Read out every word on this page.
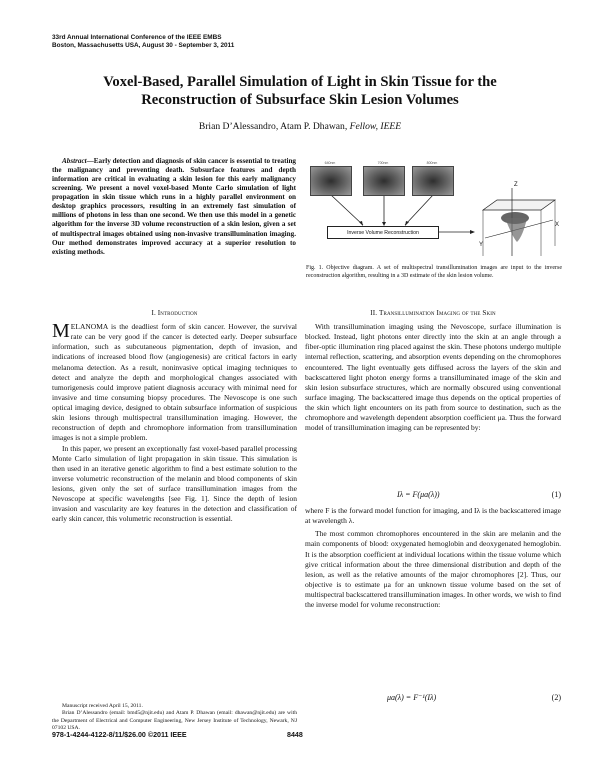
33rd Annual International Conference of the IEEE EMBS
Boston, Massachusetts USA, August 30 - September 3, 2011
Voxel-Based, Parallel Simulation of Light in Skin Tissue for the
Reconstruction of Subsurface Skin Lesion Volumes
Brian D’Alessandro, Atam P. Dhawan, Fellow, IEEE
Abstract—Early detection and diagnosis of skin cancer is essential to treating the malignancy and preventing death. Subsurface features and depth information are critical in evaluating a skin lesion for this early malignancy screening. We present a novel voxel-based Monte Carlo simulation of light propagation in skin tissue which runs in a highly parallel environment on desktop graphics processors, resulting in an extremely fast simulation of millions of photons in less than one second. We then use this model in a genetic algorithm for the inverse 3D volume reconstruction of a skin lesion, given a set of multispectral images obtained using non-invasive transillumination imaging. Our method demonstrates improved accuracy at a superior resolution to existing methods.
640nm	700nm	800nm
Inverse Volume Reconstruction
Z
X
Y
Fig. 1. Objective diagram. A set of multispectral transillumination images are input to the inverse reconstruction algorithm, resulting in a 3D estimate of the skin lesion volume.
I. Introduction	II. Transillumination Imaging of the Skin

MELANOMA is the deadliest form of skin cancer. However, the survival rate can be very good if the cancer is detected early. Deeper subsurface information, such as subcutaneous pigmentation, depth of invasion, and indications of increased blood flow (angiogenesis) are critical factors in early melanoma detection. As a result, noninvasive optical imaging techniques to detect and analyze the depth and morphological changes associated with tumorigenesis could improve patient diagnosis accuracy with minimal need for invasive and time consuming biopsy procedures. The Nevoscope is one such optical imaging device, designed to obtain subsurface information of suspicious skin lesions through multispectral transillumination imaging. However, the reconstruction of depth and chromophore information from transillumination images is not a simple problem.

In this paper, we present an exceptionally fast voxel-based parallel processing Monte Carlo simulation of light propagation in skin tissue. This simulation is then used in an iterative genetic algorithm to find a best estimate solution to the inverse volumetric reconstruction of the melanin and blood components of skin lesions, given only the set of surface transillumination images from the Nevoscope at specific wavelengths [see Fig. 1]. Since the depth of lesion invasion and vascularity are key features in the detection and classification of early skin cancer, this volumetric reconstruction is essential.

Manuscript received April 15, 2011.
Brian D’Alessandro (email: bmd5@njit.edu) and Atam P. Dhawan (email: dhawan@njit.edu) are with the Department of Electrical and Computer Engineering, New Jersey Institute of Technology, Newark, NJ 07102 USA.

With transillumination imaging using the Nevoscope, surface illumination is blocked. Instead, light photons enter directly into the skin at an angle through a fiber-optic illumination ring placed against the skin. These photons undergo multiple internal reflection, scattering, and absorption events depending on the chromophores encountered. The light eventually gets diffused across the layers of the skin and backscattered light photon energy forms a transilluminated image of the skin and skin lesion subsurface structures, which are normally obscured using conventional surface imaging. The backscattered image thus depends on the optical properties of the skin which light encounters on its path from source to destination, such as the chromophore and wavelength dependent absorption coefficient μa. Thus the forward model of transillumination imaging can be represented by:

Iλ = F(μa(λ))	(1)

where F is the forward model function for imaging, and Iλ is the backscattered image at wavelength λ.

The most common chromophores encountered in the skin are melanin and the main components of blood: oxygenated hemoglobin and deoxygenated hemoglobin. It is the absorption coefficient at individual locations within the tissue volume which give critical information about the three dimensional distribution and depth of the lesion, as well as the relative amounts of the major chromophores [2]. Thus, our objective is to estimate μa for an unknown tissue volume based on the set of multispectral backscattered transillumination images. In other words, we wish to find the inverse model for volume reconstruction:

μa(λ) = F⁻¹(Iλ)	(2)
978-1-4244-4122-8/11/$26.00 ©2011 IEEE	8448
